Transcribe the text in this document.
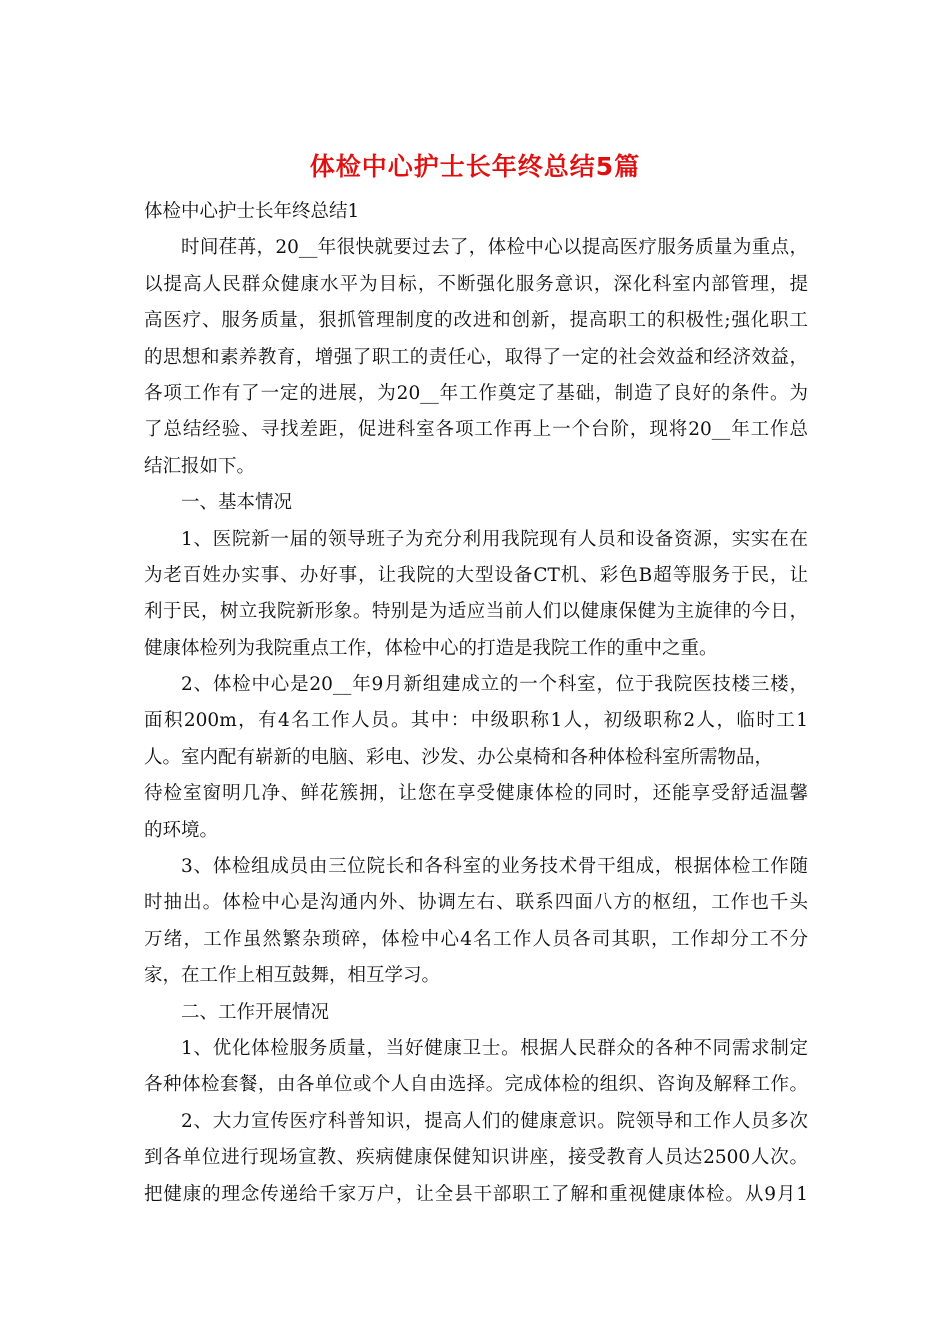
体检中心护士长年终总结5篇
体检中心护士长年终总结1
时间荏苒，20__年很快就要过去了，体检中心以提高医疗服务质量为重点，
以提高人民群众健康水平为目标，不断强化服务意识，深化科室内部管理，提
高医疗、服务质量，狠抓管理制度的改进和创新，提高职工的积极性;强化职工
的思想和素养教育，增强了职工的责任心，取得了一定的社会效益和经济效益，
各项工作有了一定的进展，为20__年工作奠定了基础，制造了良好的条件。为
了总结经验、寻找差距，促进科室各项工作再上一个台阶，现将20__年工作总
结汇报如下。
一、基本情况
1、医院新一届的领导班子为充分利用我院现有人员和设备资源，实实在在
为老百姓办实事、办好事，让我院的大型设备CT机、彩色B超等服务于民，让
利于民，树立我院新形象。特别是为适应当前人们以健康保健为主旋律的今日，
健康体检列为我院重点工作，体检中心的打造是我院工作的重中之重。
2、体检中心是20__年9月新组建成立的一个科室，位于我院医技楼三楼，
面积200m，有4名工作人员。其中：中级职称1人，初级职称2人，临时工1
人。室内配有崭新的电脑、彩电、沙发、办公桌椅和各种体检科室所需物品，
待检室窗明几净、鲜花簇拥，让您在享受健康体检的同时，还能享受舒适温馨
的环境。
3、体检组成员由三位院长和各科室的业务技术骨干组成，根据体检工作随
时抽出。体检中心是沟通内外、协调左右、联系四面八方的枢纽，工作也千头
万绪，工作虽然繁杂琐碎，体检中心4名工作人员各司其职，工作却分工不分
家，在工作上相互鼓舞，相互学习。
二、工作开展情况
1、优化体检服务质量，当好健康卫士。根据人民群众的各种不同需求制定
各种体检套餐，由各单位或个人自由选择。完成体检的组织、咨询及解释工作。
2、大力宣传医疗科普知识，提高人们的健康意识。院领导和工作人员多次
到各单位进行现场宣教、疾病健康保健知识讲座，接受教育人员达2500人次。
把健康的理念传递给千家万户，让全县干部职工了解和重视健康体检。从9月1
